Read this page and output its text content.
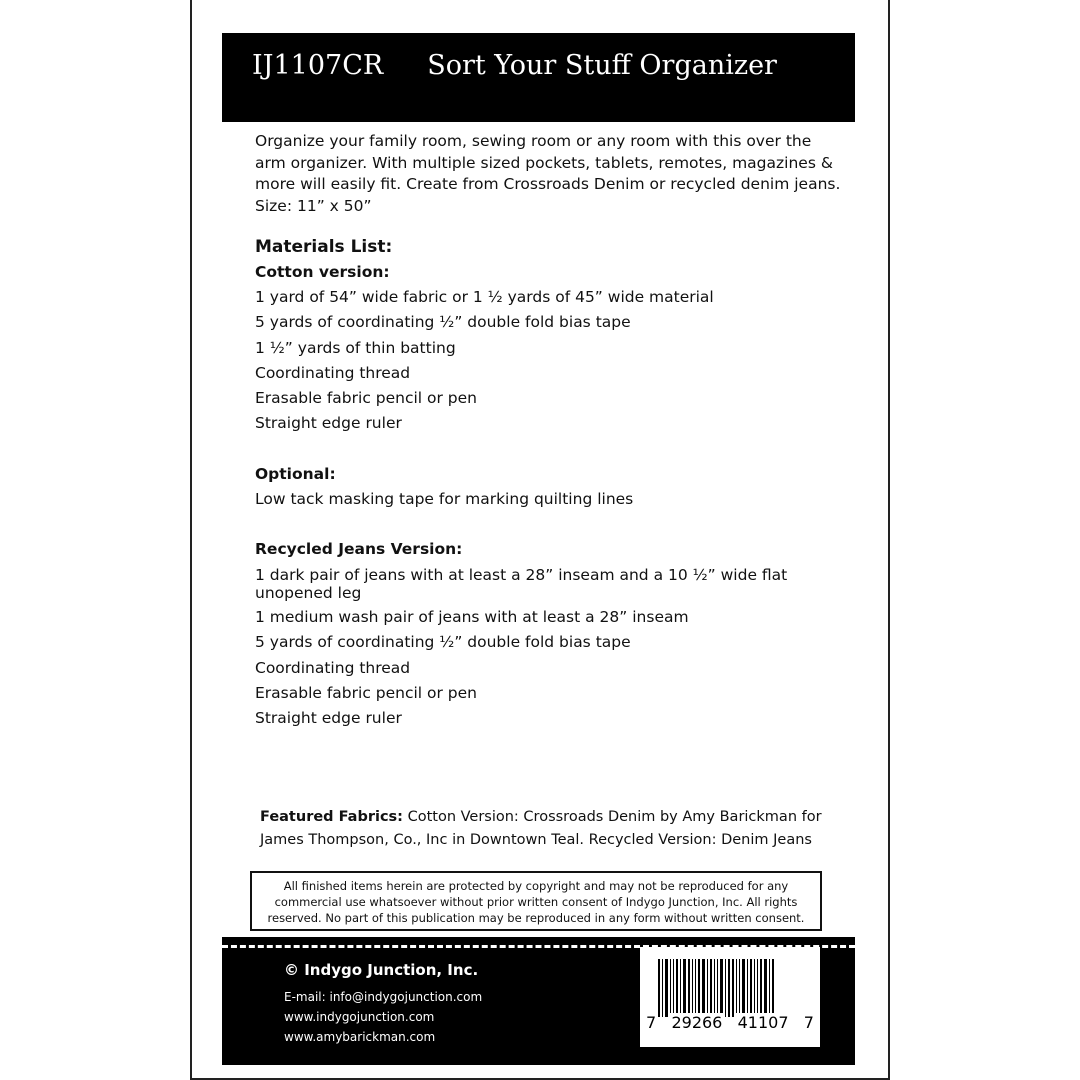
IJ1107CR Sort Your Stuff Organizer

Organize your family room, sewing room or any room with this over the arm organizer. With multiple sized pockets, tablets, remotes, magazines & more will easily fit. Create from Crossroads Denim or recycled denim jeans. Size: 11” x 50”

Materials List:
Cotton version:
1 yard of 54” wide fabric or 1 ½ yards of 45” wide material
5 yards of coordinating ½” double fold bias tape
1 ½” yards of thin batting
Coordinating thread
Erasable fabric pencil or pen
Straight edge ruler
Optional:
Low tack masking tape for marking quilting lines
Recycled Jeans Version:
1 dark pair of jeans with at least a 28” inseam and a 10 ½” wide flat unopened leg
1 medium wash pair of jeans with at least a 28” inseam
5 yards of coordinating ½” double fold bias tape
Coordinating thread
Erasable fabric pencil or pen
Straight edge ruler
Featured Fabrics: Cotton Version: Crossroads Denim by Amy Barickman for James Thompson, Co., Inc in Downtown Teal. Recycled Version: Denim Jeans
All finished items herein are protected by copyright and may not be reproduced for any commercial use whatsoever without prior written consent of Indygo Junction, Inc. All rights reserved. No part of this publication may be reproduced in any form without written consent.
© Indygo Junction, Inc.
E-mail: info@indygojunction.com
www.indygojunction.com
www.amybarickman.com
7 29266 41107 7
